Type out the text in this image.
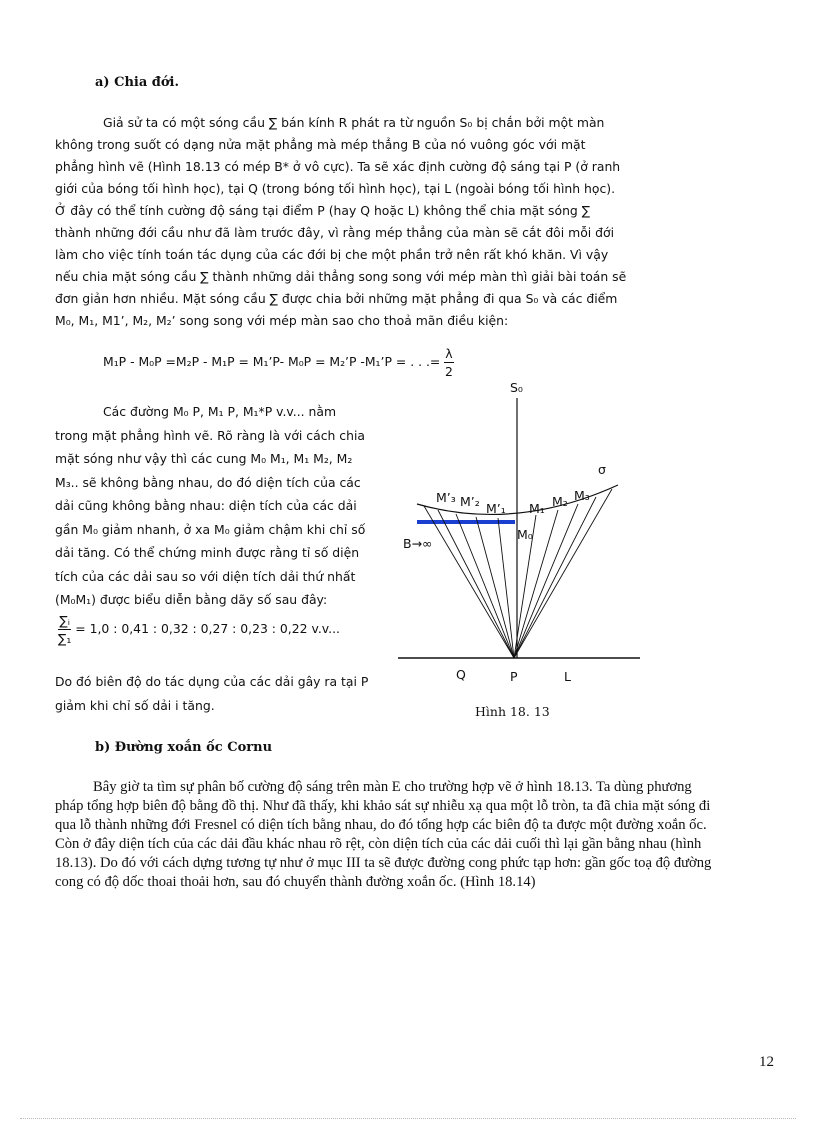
a) Chia đới.
Giả sử ta có một sóng cầu ∑ bán kính R phát ra từ nguồn S₀ bị chắn bởi một màn
không trong suốt có dạng nửa mặt phẳng mà mép thẳng B của nó vuông góc với mặt
phẳng hình vẽ (Hình 18.13 có mép B* ở vô cực). Ta sẽ xác định cường độ sáng tại P (ở ranh
giới của bóng tối hình học), tại Q (trong bóng tối hình học), tại L (ngoài bóng tối hình học).
Ở đây có thể tính cường độ sáng tại điểm P (hay Q hoặc L) không thể chia mặt sóng ∑
thành những đới cầu như đã làm trước đây, vì rằng mép thẳng của màn sẽ cắt đôi mỗi đới
làm cho việc tính toán tác dụng của các đới bị che một phần trở nên rất khó khăn. Vì vậy
nếu chia mặt sóng cầu ∑ thành những dải thẳng song song với mép màn thì giải bài toán sẽ
đơn giản hơn nhiều. Mặt sóng cầu ∑ được chia bởi những mặt phẳng đi qua S₀ và các điểm
M₀, M₁, M1’, M₂, M₂’ song song với mép màn sao cho thoả mãn điều kiện:
M₁P - M₀P =M₂P - M₁P = M₁’P- M₀P = M₂’P -M₁’P = . . .= $\frac{\lambda}{2}$
Các đường M₀ P, M₁ P, M₁*P v.v... nằm
trong mặt phẳng hình vẽ. Rõ ràng là với cách chia
mặt sóng như vậy thì các cung M₀ M₁, M₁ M₂, M₂
M₃.. sẽ không bằng nhau, do đó diện tích của các
dải cũng không bằng nhau: diện tích của các dải
gần M₀ giảm nhanh, ở xa M₀ giảm chậm khi chỉ số
dải tăng. Có thể chứng minh được rằng tỉ số diện
tích của các dải sau so với diện tích dải thứ nhất
(M₀M₁) được biểu diễn bằng dãy số sau đây:
$\frac{\text{∑ᵢ}}{\text{∑₁}} = 1,0$ : 0,41 : 0,32 : 0,27 : 0,23 : 0,22 v.v...
Do đó biên độ do tác dụng của các dải gây ra tại P
giảm khi chỉ số dải i tăng.
S₀
σ
M’₃ M’₂ M’₁ M₁ M₂ M₃
M₀
B→∞
Q	P	L
Hình 18. 13
b) Đường xoắn ốc Cornu
Bây giờ ta tìm sự phân bố cường độ sáng trên màn E cho trường hợp vẽ ở hình 18.13. Ta dùng phương
pháp tổng hợp biên độ bằng đồ thị. Như đã thấy, khi khảo sát sự nhiễu xạ qua một lỗ tròn, ta đã chia mặt sóng đi
qua lỗ thành những đới Fresnel có diện tích bằng nhau, do đó tổng hợp các biên độ ta được một đường xoắn ốc.
Còn ở đây diện tích của các dải đầu khác nhau rõ rệt, còn diện tích của các dải cuối thì lại gần bằng nhau (hình
18.13). Do đó với cách dựng tương tự như ở mục III ta sẽ được đường cong phức tạp hơn: gần gốc toạ độ đường
cong có độ dốc thoai thoải hơn, sau đó chuyển thành đường xoắn ốc. (Hình 18.14)
12
